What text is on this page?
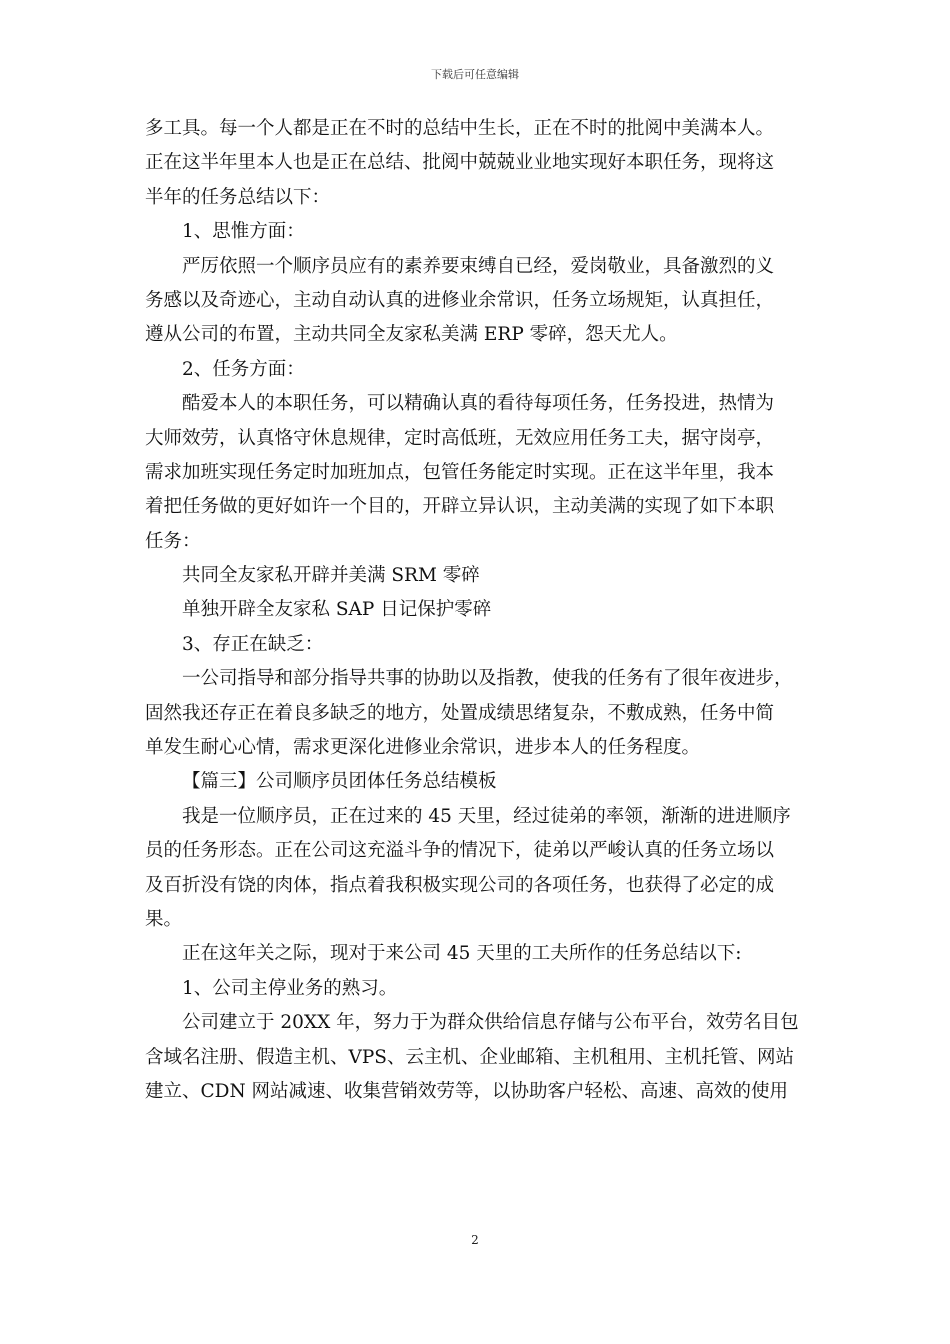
下载后可任意编辑
多工具。每一个人都是正在不时的总结中生长，正在不时的批阅中美满本人。
正在这半年里本人也是正在总结、批阅中兢兢业业地实现好本职任务，现将这
半年的任务总结以下：
1、思惟方面：
严厉依照一个顺序员应有的素养要束缚自已经，爱岗敬业，具备激烈的义
务感以及奇迹心，主动自动认真的进修业余常识，任务立场规矩，认真担任，
遵从公司的布置，主动共同全友家私美满 ERP 零碎，怨天尤人。
2、任务方面：
酷爱本人的本职任务，可以精确认真的看待每项任务，任务投进，热情为
大师效劳，认真恪守休息规律，定时高低班，无效应用任务工夫，据守岗亭，
需求加班实现任务定时加班加点，包管任务能定时实现。正在这半年里，我本
着把任务做的更好如许一个目的，开辟立异认识，主动美满的实现了如下本职
任务：
共同全友家私开辟并美满 SRM 零碎
单独开辟全友家私 SAP 日记保护零碎
3、存正在缺乏：
一公司指导和部分指导共事的协助以及指教，使我的任务有了很年夜进步，
固然我还存正在着良多缺乏的地方，处置成绩思绪复杂，不敷成熟，任务中简
单发生耐心心情，需求更深化进修业余常识，进步本人的任务程度。
【篇三】公司顺序员团体任务总结模板
我是一位顺序员，正在过来的 45 天里，经过徒弟的率领，渐渐的进进顺序
员的任务形态。正在公司这充溢斗争的情况下，徒弟以严峻认真的任务立场以
及百折没有饶的肉体，指点着我积极实现公司的各项任务，也获得了必定的成
果。
正在这年关之际，现对于来公司 45 天里的工夫所作的任务总结以下:
1、公司主停业务的熟习。
公司建立于 20XX 年，努力于为群众供给信息存储与公布平台，效劳名目包
含域名注册、假造主机、VPS、云主机、企业邮箱、主机租用、主机托管、网站
建立、CDN 网站减速、收集营销效劳等，以协助客户轻松、高速、高效的使用
2
